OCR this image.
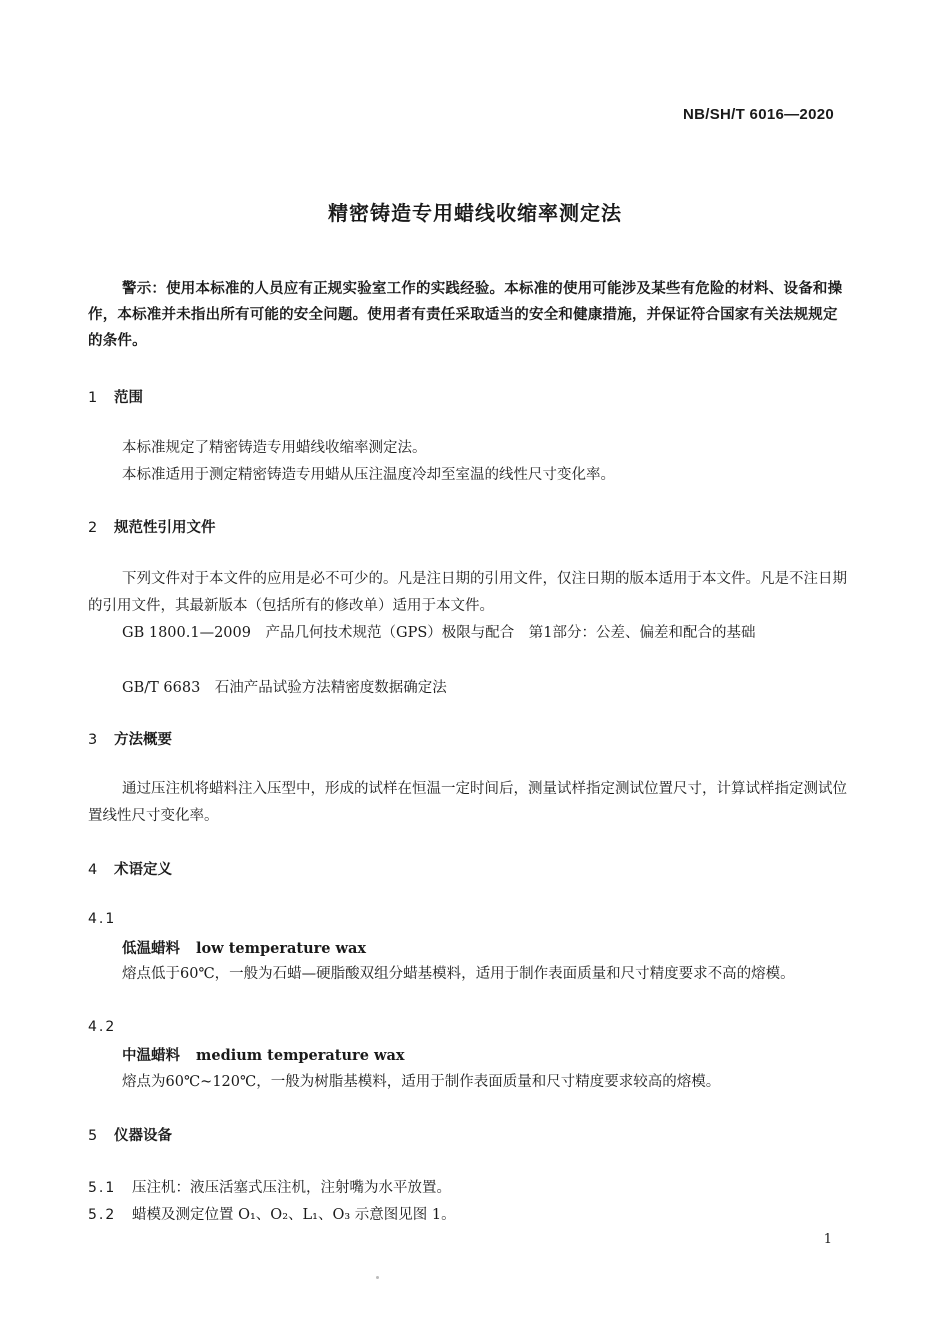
NB/SH/T 6016—2020
精密铸造专用蜡线收缩率测定法
警示：使用本标准的人员应有正规实验室工作的实践经验。本标准的使用可能涉及某些有危险的材料、设备和操作，本标准并未指出所有可能的安全问题。使用者有责任采取适当的安全和健康措施，并保证符合国家有关法规规定的条件。
1 范围
本标准规定了精密铸造专用蜡线收缩率测定法。
本标准适用于测定精密铸造专用蜡从压注温度冷却至室温的线性尺寸变化率。
2 规范性引用文件
下列文件对于本文件的应用是必不可少的。凡是注日期的引用文件，仅注日期的版本适用于本文件。凡是不注日期的引用文件，其最新版本（包括所有的修改单）适用于本文件。
GB 1800.1—2009　产品几何技术规范（GPS）极限与配合　第1部分：公差、偏差和配合的基础
GB/T 6683　石油产品试验方法精密度数据确定法
3 方法概要
通过压注机将蜡料注入压型中，形成的试样在恒温一定时间后，测量试样指定测试位置尺寸，计算试样指定测试位置线性尺寸变化率。
4 术语定义
4.1
低温蜡料 low temperature wax
熔点低于60℃，一般为石蜡—硬脂酸双组分蜡基模料，适用于制作表面质量和尺寸精度要求不高的熔模。
4.2
中温蜡料 medium temperature wax
熔点为60℃~120℃，一般为树脂基模料，适用于制作表面质量和尺寸精度要求较高的熔模。
5 仪器设备
5.1 压注机：液压活塞式压注机，注射嘴为水平放置。
5.2 蜡模及测定位置 O₁、O₂、L₁、O₃ 示意图见图 1。
1
